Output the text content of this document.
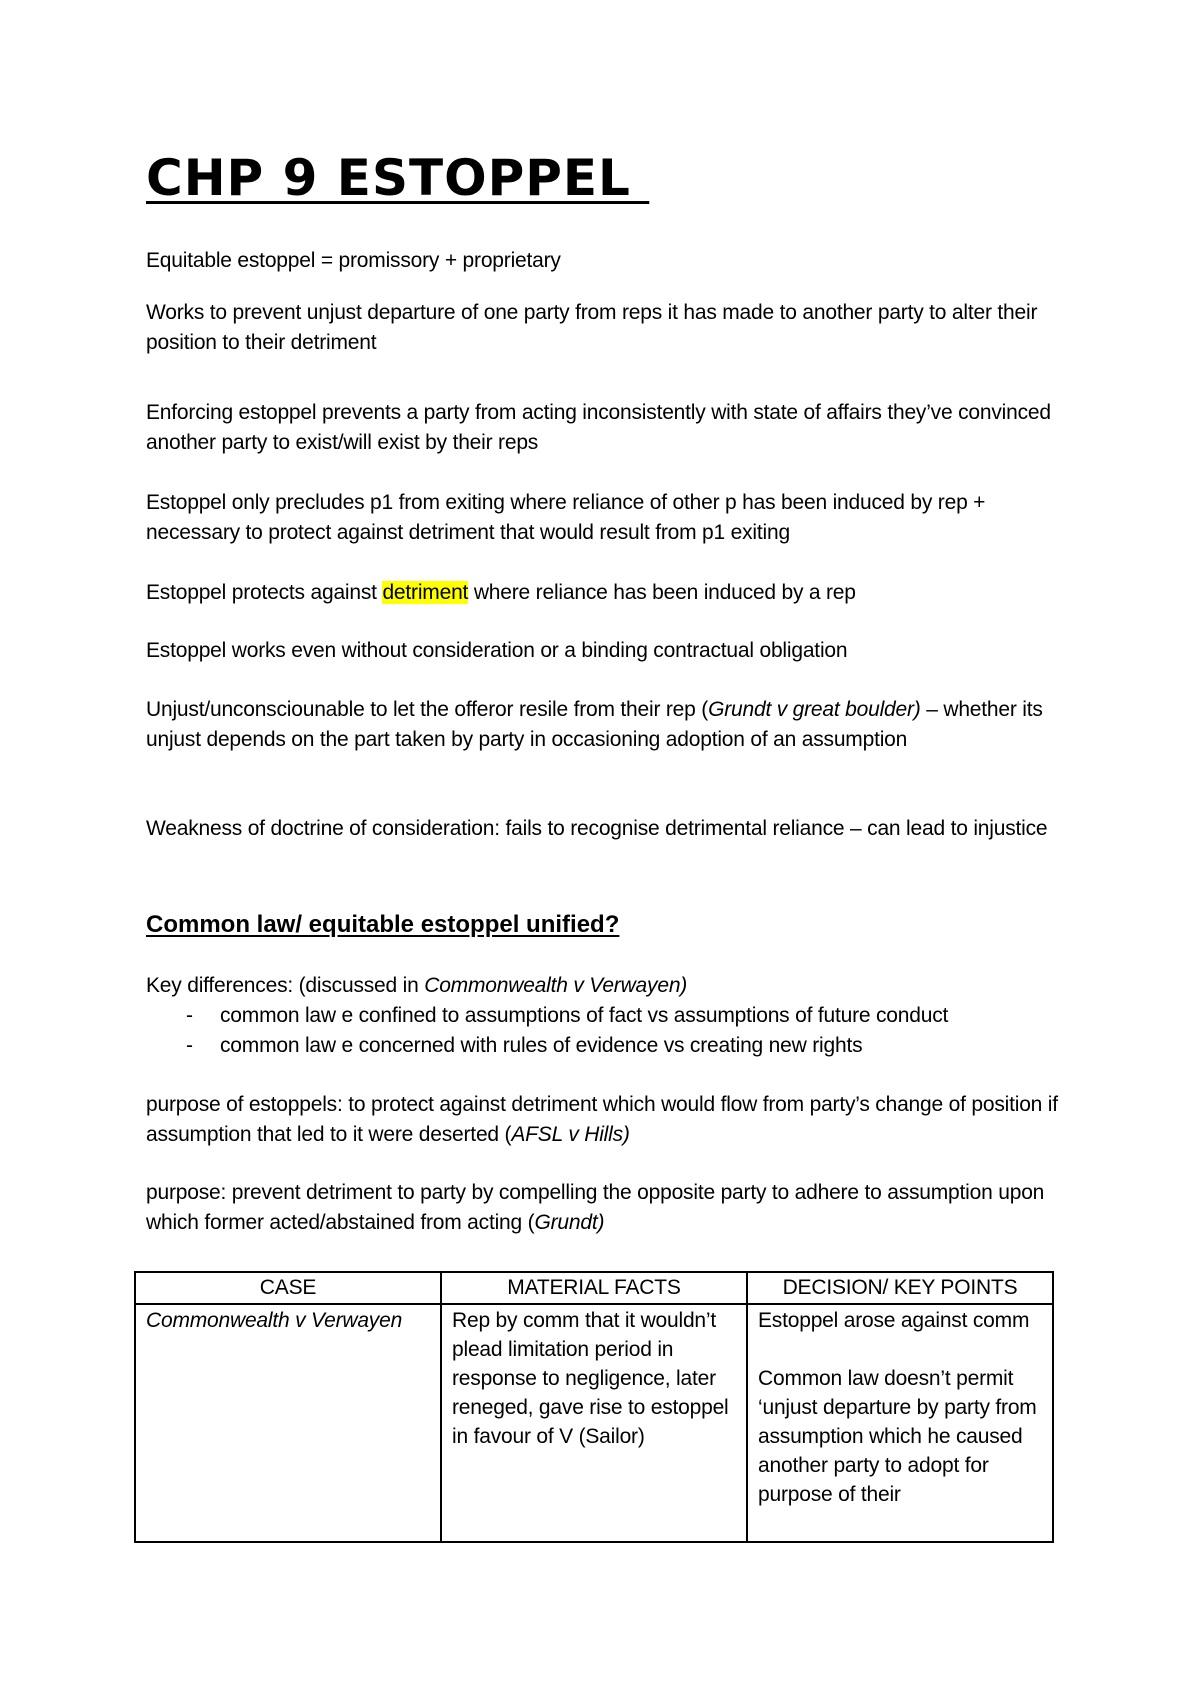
CHP 9 ESTOPPEL

Equitable estoppel = promissory + proprietary

Works to prevent unjust departure of one party from reps it has made to another party to alter their position to their detriment

Enforcing estoppel prevents a party from acting inconsistently with state of affairs they’ve convinced another party to exist/will exist by their reps

Estoppel only precludes p1 from exiting where reliance of other p has been induced by rep + necessary to protect against detriment that would result from p1 exiting

Estoppel protects against detriment where reliance has been induced by a rep

Estoppel works even without consideration or a binding contractual obligation

Unjust/unconsciounable to let the offeror resile from their rep (Grundt v great boulder) – whether its unjust depends on the part taken by party in occasioning adoption of an assumption

Weakness of doctrine of consideration: fails to recognise detrimental reliance – can lead to injustice

Common law/ equitable estoppel unified?

Key differences: (discussed in Commonwealth v Verwayen)

- common law e confined to assumptions of fact vs assumptions of future conduct
- common law e concerned with rules of evidence vs creating new rights

purpose of estoppels: to protect against detriment which would flow from party’s change of position if assumption that led to it were deserted (AFSL v Hills)

purpose: prevent detriment to party by compelling the opposite party to adhere to assumption upon which former acted/abstained from acting (Grundt)

CASE	MATERIAL FACTS	DECISION/ KEY POINTS
Commonwealth v Verwayen	Rep by comm that it wouldn’t plead limitation period in response to negligence, later reneged, gave rise to estoppel in favour of V (Sailor)	Estoppel arose against comm

Common law doesn’t permit ‘unjust departure by party from assumption which he caused another party to adopt for purpose of their
